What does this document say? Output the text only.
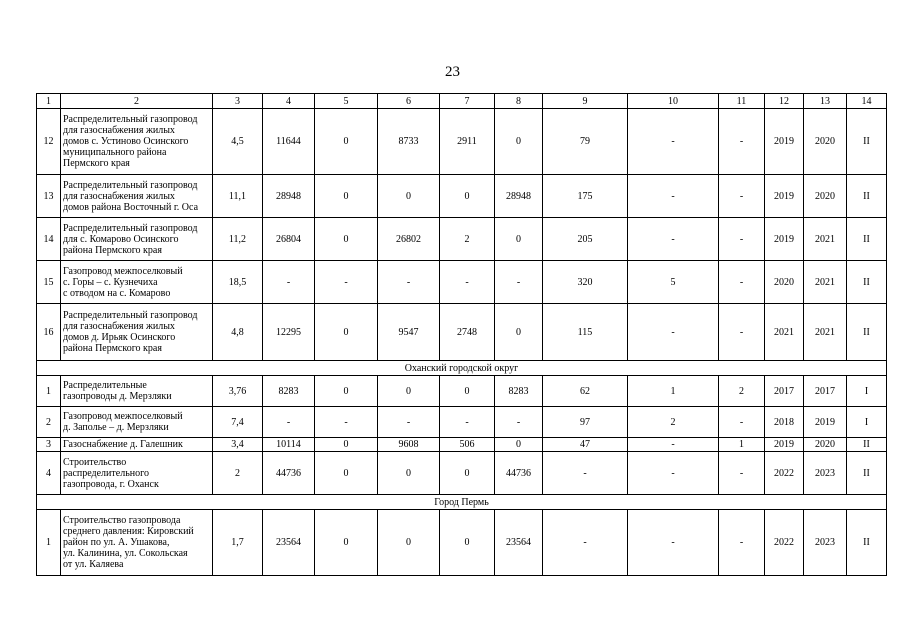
23
1	2	3	4	5	6	7	8	9	10	11	12	13	14
12	Распределительный газопровод
для газоснабжения жилых
домов с. Устиново Осинского
муниципального района
Пермского края	4,5	11644	0	8733	2911	0	79	-	-	2019	2020	II
13	Распределительный газопровод
для газоснабжения жилых
домов района Восточный г. Оса	11,1	28948	0	0	0	28948	175	-	-	2019	2020	II
14	Распределительный газопровод
для с. Комарово Осинского
района Пермского края	11,2	26804	0	26802	2	0	205	-	-	2019	2021	II
15	Газопровод межпоселковый
с. Горы – с. Кузнечиха
с отводом на с. Комарово	18,5	-	-	-	-	-	320	5	-	2020	2021	II
16	Распределительный газопровод
для газоснабжения жилых
домов д. Ирьяк Осинского
района Пермского края	4,8	12295	0	9547	2748	0	115	-	-	2021	2021	II
Оханский городской округ													
1	Распределительные
газопроводы д. Мерзляки	3,76	8283	0	0	0	8283	62	1	2	2017	2017	I
2	Газопровод межпоселковый
д. Заполье – д. Мерзляки	7,4	-	-	-	-	-	97	2	-	2018	2019	I
3	Газоснабжение д. Галешник	3,4	10114	0	9608	506	0	47	-	1	2019	2020	II
4	Строительство
распределительного
газопровода, г. Оханск	2	44736	0	0	0	44736	-	-	-	2022	2023	II
Город Пермь													
1	Строительство газопровода
среднего давления: Кировский
район по ул. А. Ушакова,
ул. Калинина, ул. Сокольская
от ул. Каляева	1,7	23564	0	0	0	23564	-	-	-	2022	2023	II
